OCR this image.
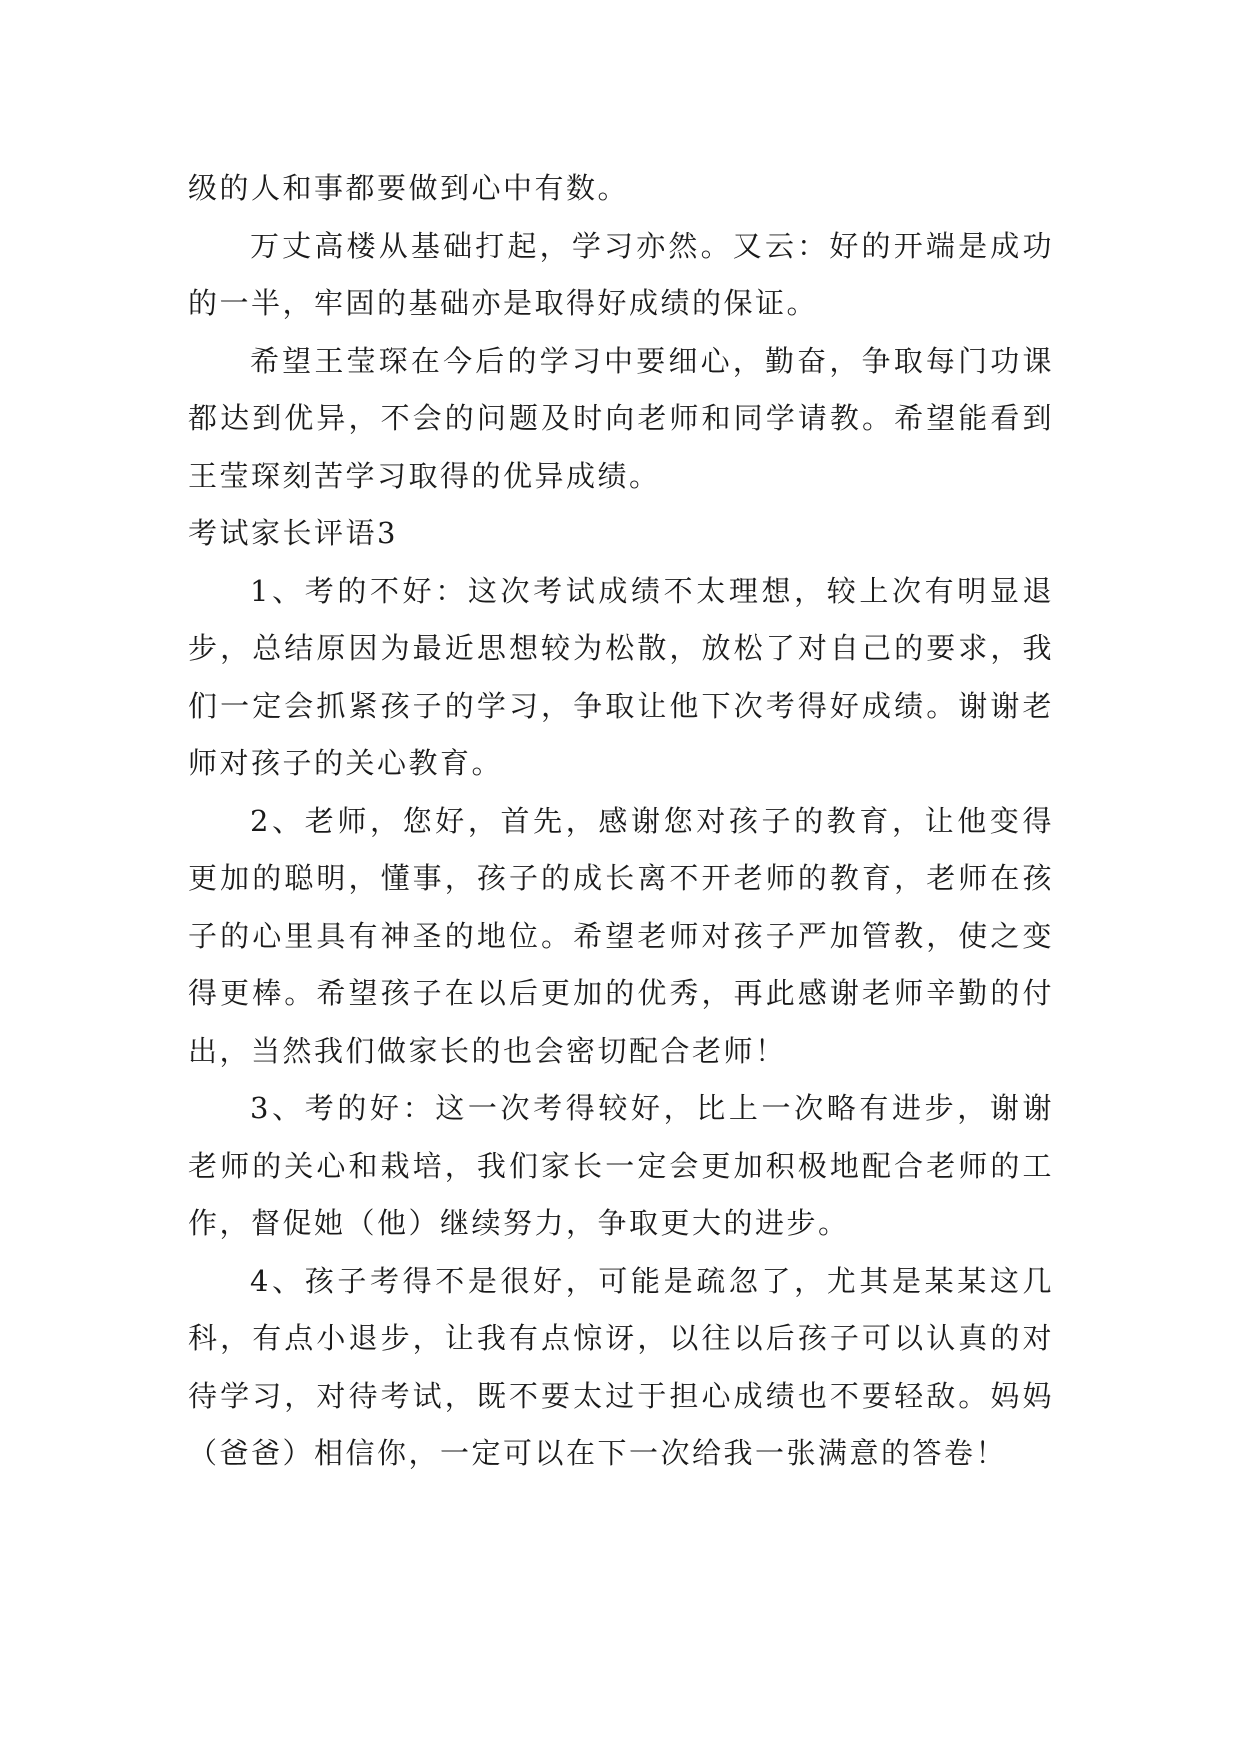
级的人和事都要做到心中有数。

万丈高楼从基础打起，学习亦然。又云：好的开端是成功的一半，牢固的基础亦是取得好成绩的保证。

希望王莹琛在今后的学习中要细心，勤奋，争取每门功课都达到优异，不会的问题及时向老师和同学请教。希望能看到王莹琛刻苦学习取得的优异成绩。

考试家长评语3

1、考的不好：这次考试成绩不太理想，较上次有明显退步，总结原因为最近思想较为松散，放松了对自己的要求，我们一定会抓紧孩子的学习，争取让他下次考得好成绩。谢谢老师对孩子的关心教育。

2、老师，您好，首先，感谢您对孩子的教育，让他变得更加的聪明，懂事，孩子的成长离不开老师的教育，老师在孩子的心里具有神圣的地位。希望老师对孩子严加管教，使之变得更棒。希望孩子在以后更加的优秀，再此感谢老师辛勤的付出，当然我们做家长的也会密切配合老师！

3、考的好：这一次考得较好，比上一次略有进步，谢谢老师的关心和栽培，我们家长一定会更加积极地配合老师的工作，督促她（他）继续努力，争取更大的进步。

4、孩子考得不是很好，可能是疏忽了，尤其是某某这几科，有点小退步，让我有点惊讶，以往以后孩子可以认真的对待学习，对待考试，既不要太过于担心成绩也不要轻敌。妈妈（爸爸）相信你，一定可以在下一次给我一张满意的答卷！
